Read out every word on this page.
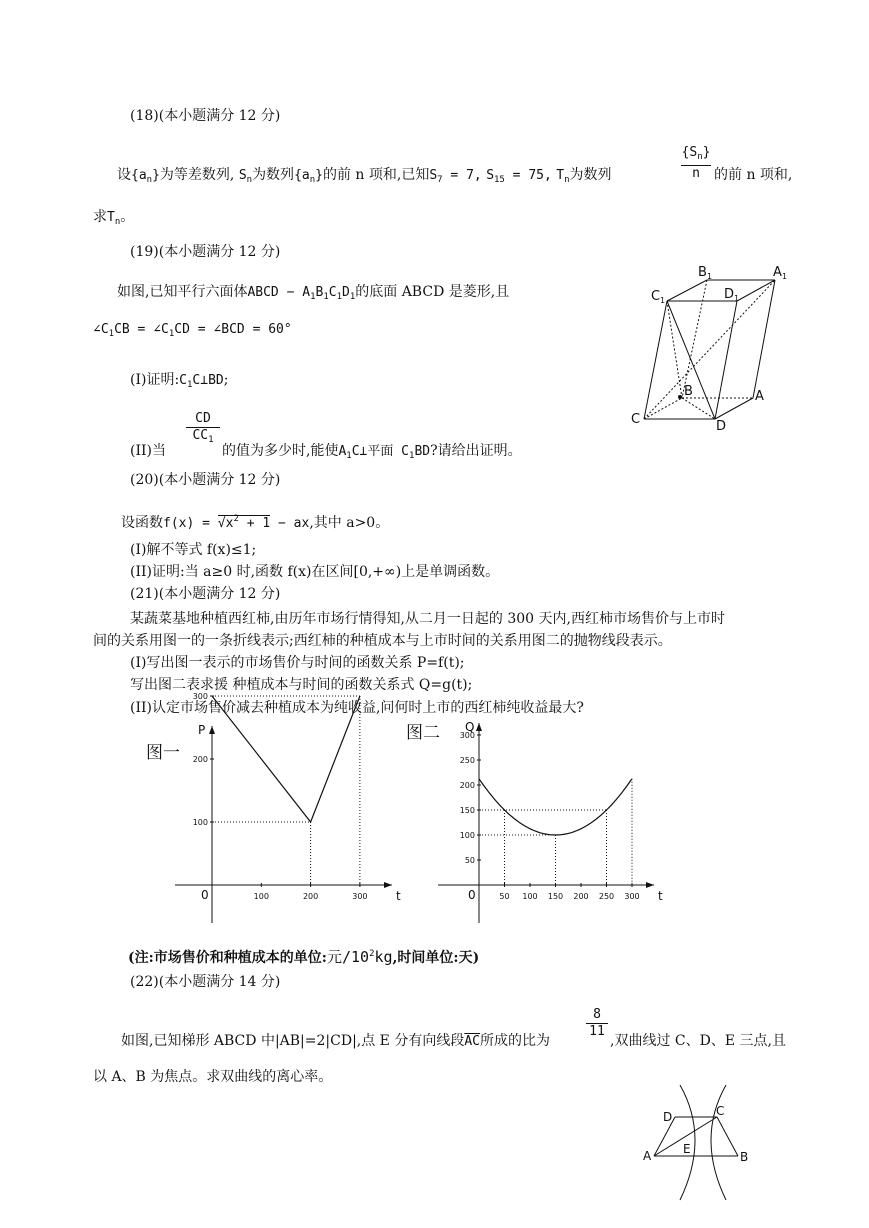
(18)(本小题满分 12 分)
设$\{a_n\}$为等差数列, $S_n$为数列$\{a_n\}$的前 n 项和,已知$S_7 = 7$, $S_{15} = 75$, $T_n$为数列
$\{S_n\}$
n	的前 n 项和,
求$T_n$。
(19)(本小题满分 12 分)
如图,已知平行六面体ABCD − $A_1B_1C_1D_1$的底面 ABCD 是菱形,且
$\angle C_1CB$ = $\angle C_1CD$ = ∠BCD = 60°
(I)证明$:C_1C\perp BD$;
CD
$CC_1$
(II)当	的值为多少时,能使$A_1C\perp$平面 $C_1BD$?请给出证明。
B 1	A 1
C 1	D 1
B	A
C	D
(20)(本小题满分 12 分)
设函数$f(x) = √x^2 + 1$ − ax,其中 a>0。
(I)解不等式 f(x)≤1;
(II)证明:当 a≥0 时,函数 f(x)在区间[0,+∞)上是单调函数。
(21)(本小题满分 12 分)
某蔬菜基地种植西红柿,由历年市场行情得知,从二月一日起的 300 天内,西红柿市场售价与上市时
间的关系用图一的一条折线表示;西红柿的种植成本与上市时间的关系用图二的抛物线段表示。
(I)写出图一表示的市场售价与时间的函数关系 P=f(t);
写出图二表求援 种植成本与时间的函数关系式 Q=g(t);
(II)认定市场售价减去种植成本为纯收益,问何时上市的西红柿纯收益最大?
图一
t
P
0	100	200	300
100
200
300
图二
t
Q
0	50 100 150 200 250 300
50
100
150
200
250
300
(注:市场售价和种植成本的单位:元$/10^2kg$,时间单位:天)
(22)(本小题满分 14 分)
如图,已知梯形 ABCD 中|AB|=2|CD|,点 E 分有向线段$\overline{AC}$所成的比为
8
11
,双曲线过 C、D、E 三点,且
以 A、B 为焦点。求双曲线的离心率。
D	C
A	E
B
